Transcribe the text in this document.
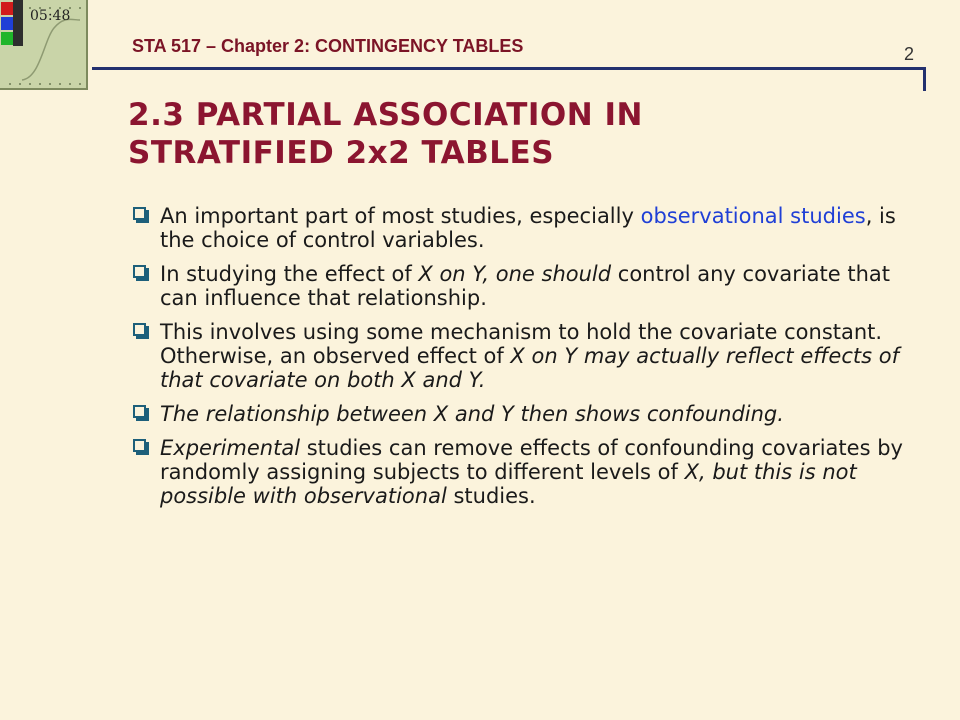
05:48
STA 517 – Chapter 2: CONTINGENCY TABLES	2
2.3 PARTIAL ASSOCIATION IN
STRATIFIED 2x2 TABLES
An important part of most studies, especially observational studies, is the choice of control variables.
In studying the effect of X on Y, one should control any covariate that can influence that relationship.
This involves using some mechanism to hold the covariate constant. Otherwise, an observed effect of X on Y may actually reflect effects of that covariate on both X and Y.
The relationship between X and Y then shows confounding.
Experimental studies can remove effects of confounding covariates by randomly assigning subjects to different levels of X, but this is not possible with observational studies.
